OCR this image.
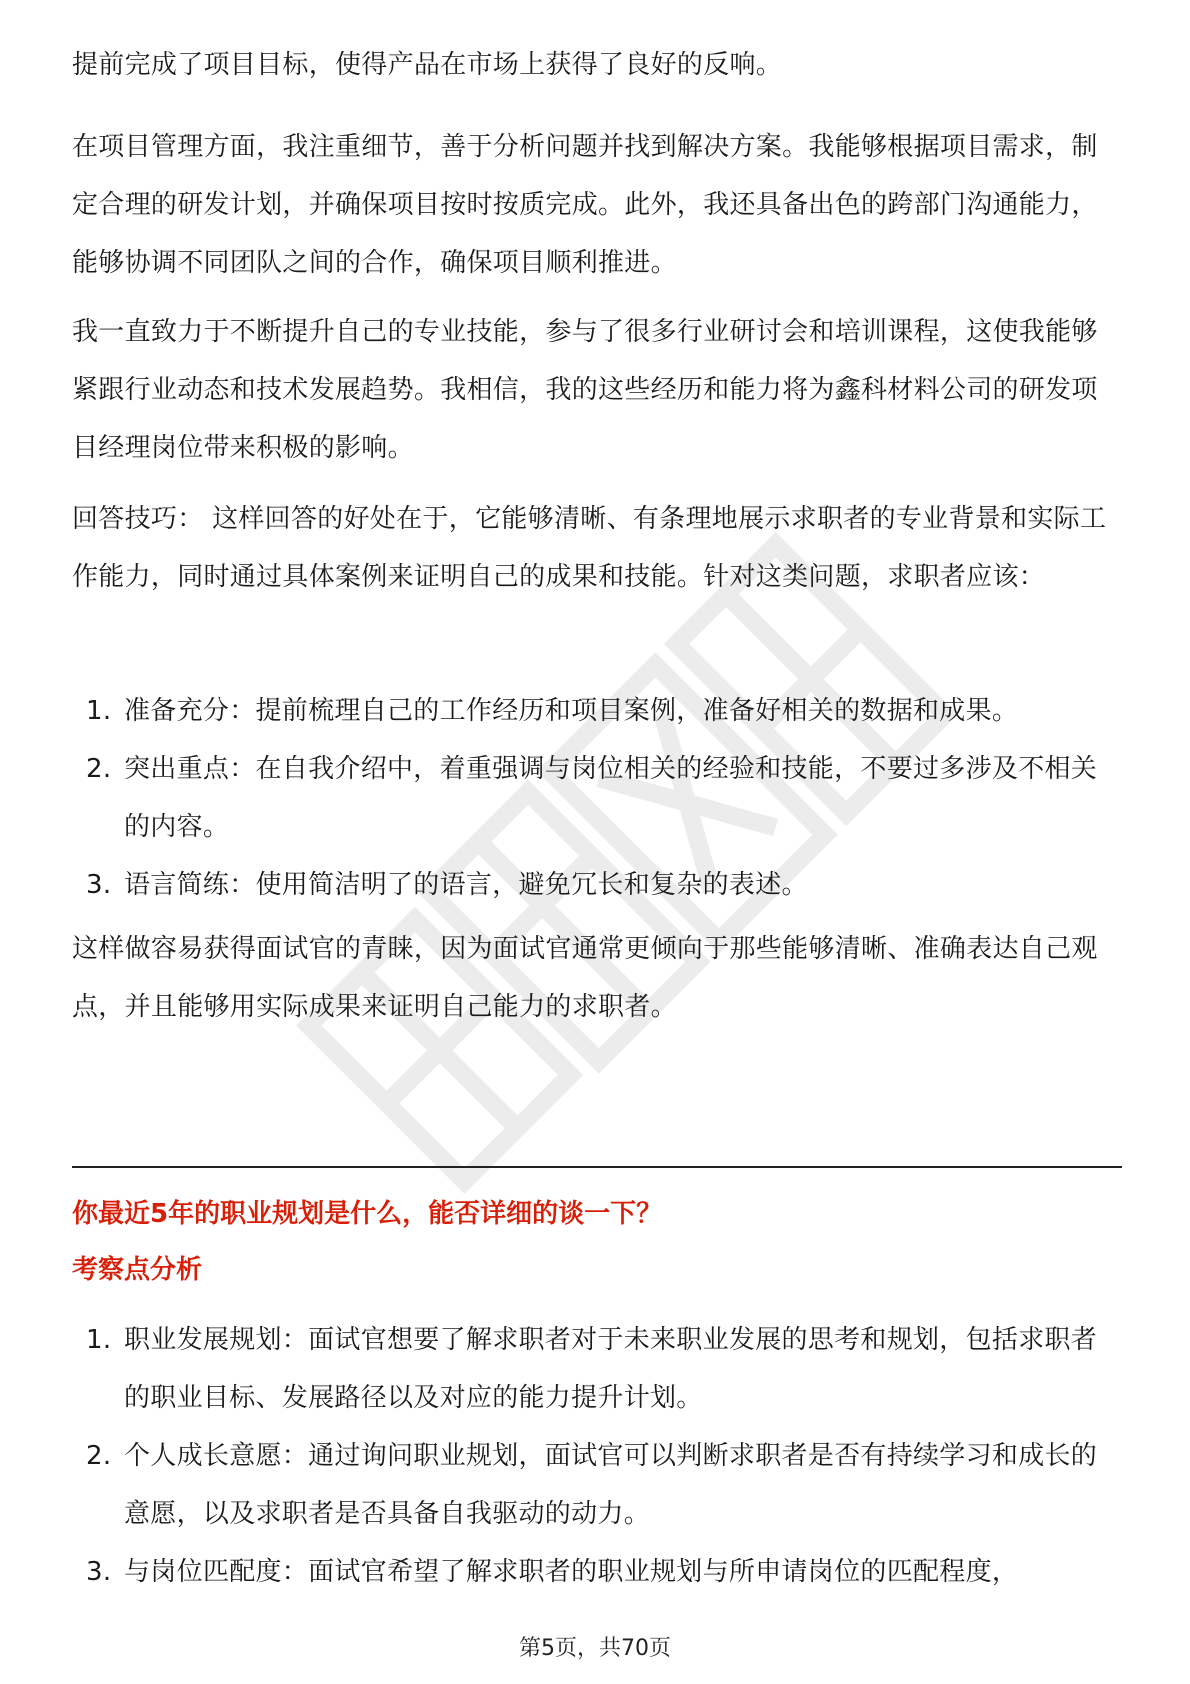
提前完成了项目目标，使得产品在市场上获得了良好的反响。

在项目管理方面，我注重细节，善于分析问题并找到解决方案。我能够根据项目需求，制定合理的研发计划，并确保项目按时按质完成。此外，我还具备出色的跨部门沟通能力，能够协调不同团队之间的合作，确保项目顺利推进。

我一直致力于不断提升自己的专业技能，参与了很多行业研讨会和培训课程，这使我能够紧跟行业动态和技术发展趋势。我相信，我的这些经历和能力将为鑫科材料公司的研发项目经理岗位带来积极的影响。

回答技巧： 这样回答的好处在于，它能够清晰、有条理地展示求职者的专业背景和实际工作能力，同时通过具体案例来证明自己的成果和技能。针对这类问题，求职者应该：

1. 准备充分：提前梳理自己的工作经历和项目案例，准备好相关的数据和成果。
2. 突出重点：在自我介绍中，着重强调与岗位相关的经验和技能，不要过多涉及不相关的内容。
3. 语言简练：使用简洁明了的语言，避免冗长和复杂的表述。

这样做容易获得面试官的青睐，因为面试官通常更倾向于那些能够清晰、准确表达自己观点，并且能够用实际成果来证明自己能力的求职者。

你最近5年的职业规划是什么，能否详细的谈一下？

考察点分析

1. 职业发展规划：面试官想要了解求职者对于未来职业发展的思考和规划，包括求职者的职业目标、发展路径以及对应的能力提升计划。
2. 个人成长意愿：通过询问职业规划，面试官可以判断求职者是否有持续学习和成长的意愿，以及求职者是否具备自我驱动的动力。
3. 与岗位匹配度：面试官希望了解求职者的职业规划与所申请岗位的匹配程度，
第5页，共70页
